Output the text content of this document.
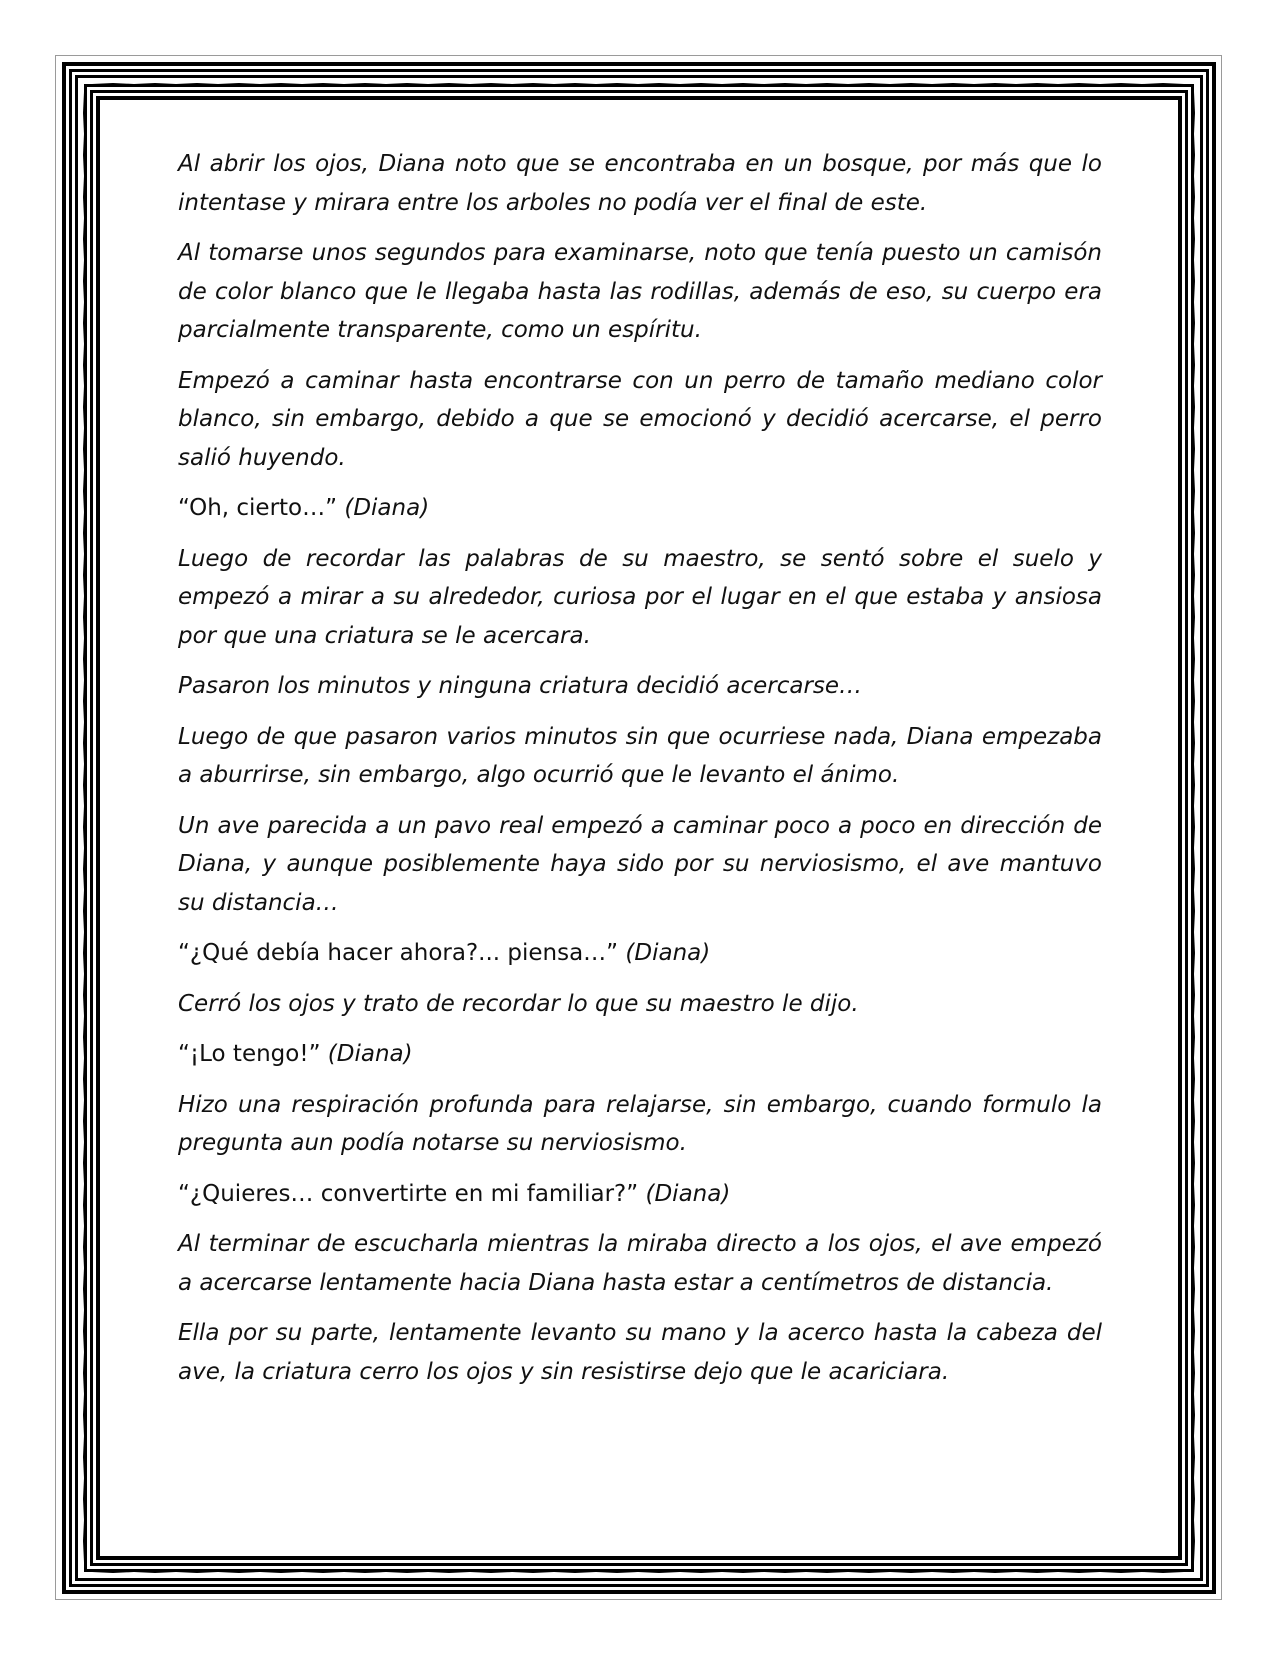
Al abrir los ojos, Diana noto que se encontraba en un bosque, por más que lo intentase y mirara entre los arboles no podía ver el final de este.

Al tomarse unos segundos para examinarse, noto que tenía puesto un camisón de color blanco que le llegaba hasta las rodillas, además de eso, su cuerpo era parcialmente transparente, como un espíritu.

Empezó a caminar hasta encontrarse con un perro de tamaño mediano color blanco, sin embargo, debido a que se emocionó y decidió acercarse, el perro salió huyendo.

“Oh, cierto…” (Diana)

Luego de recordar las palabras de su maestro, se sentó sobre el suelo y empezó a mirar a su alrededor, curiosa por el lugar en el que estaba y ansiosa por que una criatura se le acercara.

Pasaron los minutos y ninguna criatura decidió acercarse…

Luego de que pasaron varios minutos sin que ocurriese nada, Diana empezaba a aburrirse, sin embargo, algo ocurrió que le levanto el ánimo.

Un ave parecida a un pavo real empezó a caminar poco a poco en dirección de Diana, y aunque posiblemente haya sido por su nerviosismo, el ave mantuvo su distancia…

“¿Qué debía hacer ahora?... piensa…” (Diana)

Cerró los ojos y trato de recordar lo que su maestro le dijo.

“¡Lo tengo!” (Diana)

Hizo una respiración profunda para relajarse, sin embargo, cuando formulo la pregunta aun podía notarse su nerviosismo.

“¿Quieres… convertirte en mi familiar?” (Diana)

Al terminar de escucharla mientras la miraba directo a los ojos, el ave empezó a acercarse lentamente hacia Diana hasta estar a centímetros de distancia.

Ella por su parte, lentamente levanto su mano y la acerco hasta la cabeza del ave, la criatura cerro los ojos y sin resistirse dejo que le acariciara.
